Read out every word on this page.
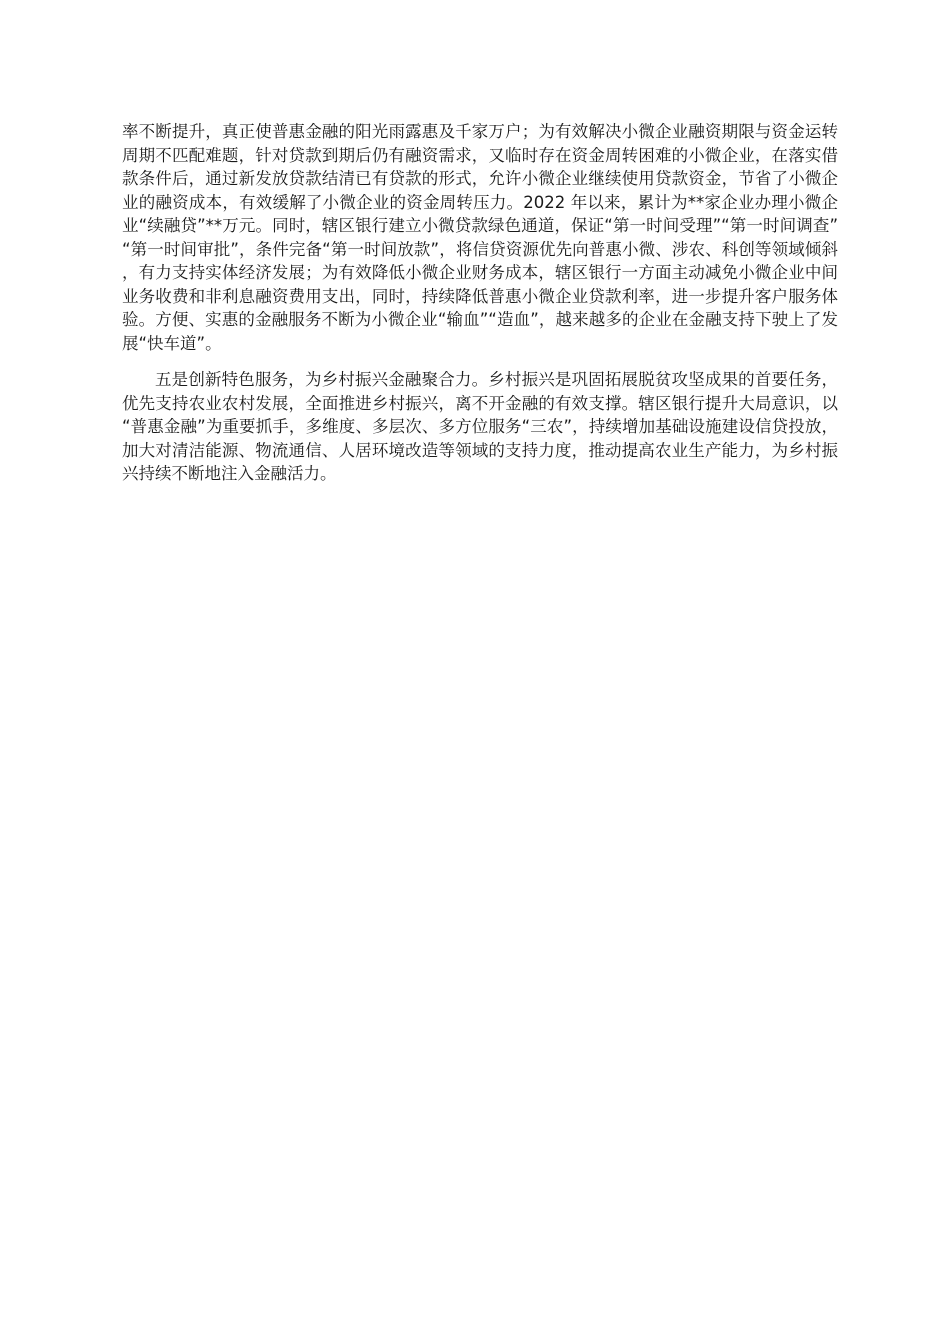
率不断提升，真正使普惠金融的阳光雨露惠及千家万户；为有效解决小微企业融资期限与资金运转周期不匹配难题，针对贷款到期后仍有融资需求，又临时存在资金周转困难的小微企业，在落实借款条件后，通过新发放贷款结清已有贷款的形式，允许小微企业继续使用贷款资金，节省了小微企业的融资成本，有效缓解了小微企业的资金周转压力。2022 年以来，累计为**家企业办理小微企业“续融贷”**万元。同时，辖区银行建立小微贷款绿色通道，保证“第一时间受理”“第一时间调查”“第一时间审批”，条件完备“第一时间放款”，将信贷资源优先向普惠小微、涉农、科创等领域倾斜，有力支持实体经济发展；为有效降低小微企业财务成本，辖区银行一方面主动减免小微企业中间业务收费和非利息融资费用支出，同时，持续降低普惠小微企业贷款利率，进一步提升客户服务体验。方便、实惠的金融服务不断为小微企业“输血”“造血”，越来越多的企业在金融支持下驶上了发展“快车道”。

五是创新特色服务，为乡村振兴金融聚合力。乡村振兴是巩固拓展脱贫攻坚成果的首要任务，优先支持农业农村发展，全面推进乡村振兴，离不开金融的有效支撑。辖区银行提升大局意识，以“普惠金融”为重要抓手，多维度、多层次、多方位服务“三农”，持续增加基础设施建设信贷投放，加大对清洁能源、物流通信、人居环境改造等领域的支持力度，推动提高农业生产能力，为乡村振兴持续不断地注入金融活力。
